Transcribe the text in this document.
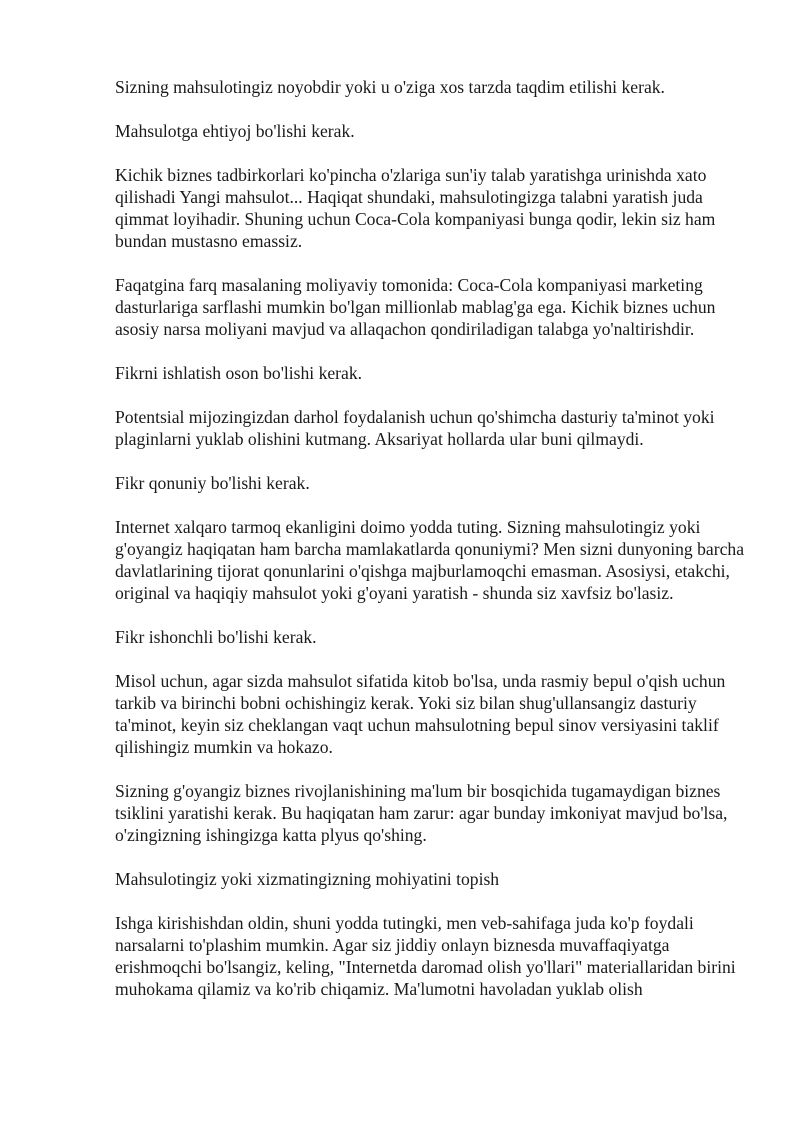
Sizning mahsulotingiz noyobdir yoki u o'ziga xos tarzda taqdim etilishi kerak.

Mahsulotga ehtiyoj bo'lishi kerak.

Kichik biznes tadbirkorlari ko'pincha o'zlariga sun'iy talab yaratishga urinishda xato qilishadi Yangi mahsulot... Haqiqat shundaki, mahsulotingizga talabni yaratish juda qimmat loyihadir. Shuning uchun Coca-Cola kompaniyasi bunga qodir, lekin siz ham bundan mustasno emassiz.

Faqatgina farq masalaning moliyaviy tomonida: Coca-Cola kompaniyasi marketing dasturlariga sarflashi mumkin bo'lgan millionlab mablag'ga ega. Kichik biznes uchun asosiy narsa moliyani mavjud va allaqachon qondiriladigan talabga yo'naltirishdir.

Fikrni ishlatish oson bo'lishi kerak.

Potentsial mijozingizdan darhol foydalanish uchun qo'shimcha dasturiy ta'minot yoki plaginlarni yuklab olishini kutmang. Aksariyat hollarda ular buni qilmaydi.

Fikr qonuniy bo'lishi kerak.

Internet xalqaro tarmoq ekanligini doimo yodda tuting. Sizning mahsulotingiz yoki g'oyangiz haqiqatan ham barcha mamlakatlarda qonuniymi? Men sizni dunyoning barcha davlatlarining tijorat qonunlarini o'qishga majburlamoqchi emasman. Asosiysi, etakchi, original va haqiqiy mahsulot yoki g'oyani yaratish - shunda siz xavfsiz bo'lasiz.

Fikr ishonchli bo'lishi kerak.

Misol uchun, agar sizda mahsulot sifatida kitob bo'lsa, unda rasmiy bepul o'qish uchun tarkib va birinchi bobni ochishingiz kerak. Yoki siz bilan shug'ullansangiz dasturiy ta'minot, keyin siz cheklangan vaqt uchun mahsulotning bepul sinov versiyasini taklif qilishingiz mumkin va hokazo.

Sizning g'oyangiz biznes rivojlanishining ma'lum bir bosqichida tugamaydigan biznes tsiklini yaratishi kerak. Bu haqiqatan ham zarur: agar bunday imkoniyat mavjud bo'lsa, o'zingizning ishingizga katta plyus qo'shing.

Mahsulotingiz yoki xizmatingizning mohiyatini topish

Ishga kirishishdan oldin, shuni yodda tutingki, men veb-sahifaga juda ko'p foydali narsalarni to'plashim mumkin. Agar siz jiddiy onlayn biznesda muvaffaqiyatga erishmoqchi bo'lsangiz, keling, "Internetda daromad olish yo'llari" materiallaridan birini muhokama qilamiz va ko'rib chiqamiz. Ma'lumotni havoladan yuklab olish
